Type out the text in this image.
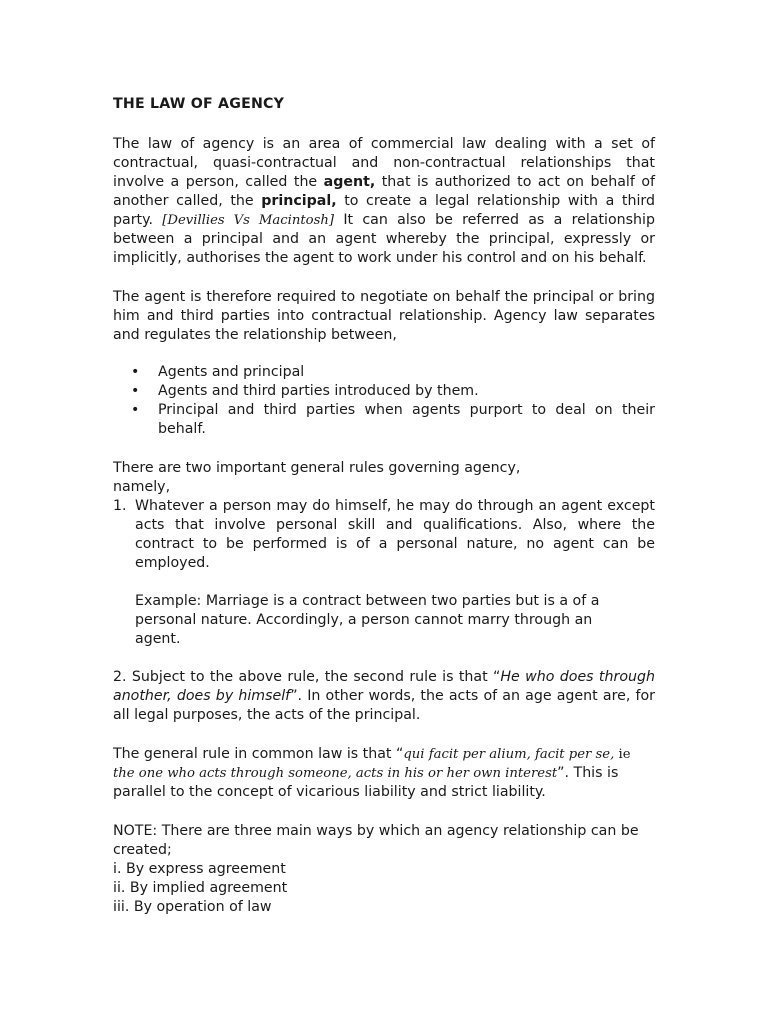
THE LAW OF AGENCY

The law of agency is an area of commercial law dealing with a set of contractual, quasi-contractual and non-contractual relationships that involve a person, called the agent, that is authorized to act on behalf of another called, the principal, to create a legal relationship with a third party. [Devillies Vs Macintosh] It can also be referred as a relationship between a principal and an agent whereby the principal, expressly or implicitly, authorises the agent to work under his control and on his behalf.

The agent is therefore required to negotiate on behalf the principal or bring him and third parties into contractual relationship. Agency law separates and regulates the relationship between,

•	Agents and principal
•	Agents and third parties introduced by them.
•	Principal and third parties when agents purport to deal on their behalf.

There are two important general rules governing agency,

namely,

1. Whatever a person may do himself, he may do through an agent except acts that involve personal skill and qualifications. Also, where the contract to be performed is of a personal nature, no agent can be employed.

Example: Marriage is a contract between two parties but is a of a personal nature. Accordingly, a person cannot marry through an agent.

2. Subject to the above rule, the second rule is that “He who does through another, does by himself”. In other words, the acts of an age agent are, for all legal purposes, the acts of the principal.

The general rule in common law is that “qui facit per alium, facit per se, ie the one who acts through someone, acts in his or her own interest”. This is parallel to the concept of vicarious liability and strict liability.

NOTE: There are three main ways by which an agency relationship can be created;

i. By express agreement

ii. By implied agreement

iii. By operation of law
